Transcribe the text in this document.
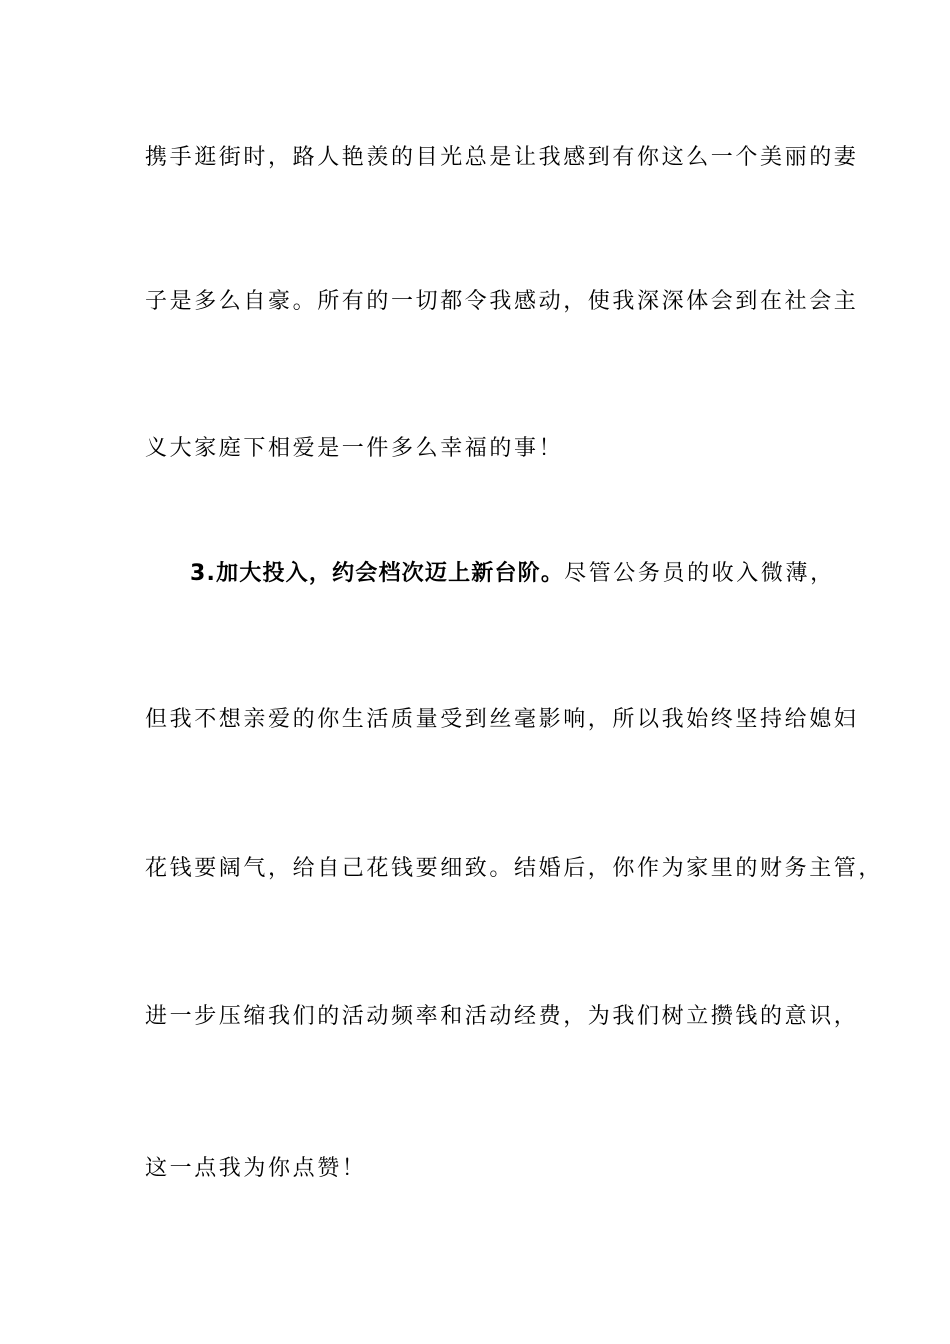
携手逛街时，路人艳羡的目光总是让我感到有你这么一个美丽的妻
子是多么自豪。所有的一切都令我感动，使我深深体会到在社会主
义大家庭下相爱是一件多么幸福的事！
3.加大投入，约会档次迈上新台阶。尽管公务员的收入微薄，
但我不想亲爱的你生活质量受到丝毫影响，所以我始终坚持给媳妇
花钱要阔气，给自己花钱要细致。结婚后，你作为家里的财务主管，
进一步压缩我们的活动频率和活动经费，为我们树立攒钱的意识，
这一点我为你点赞！
